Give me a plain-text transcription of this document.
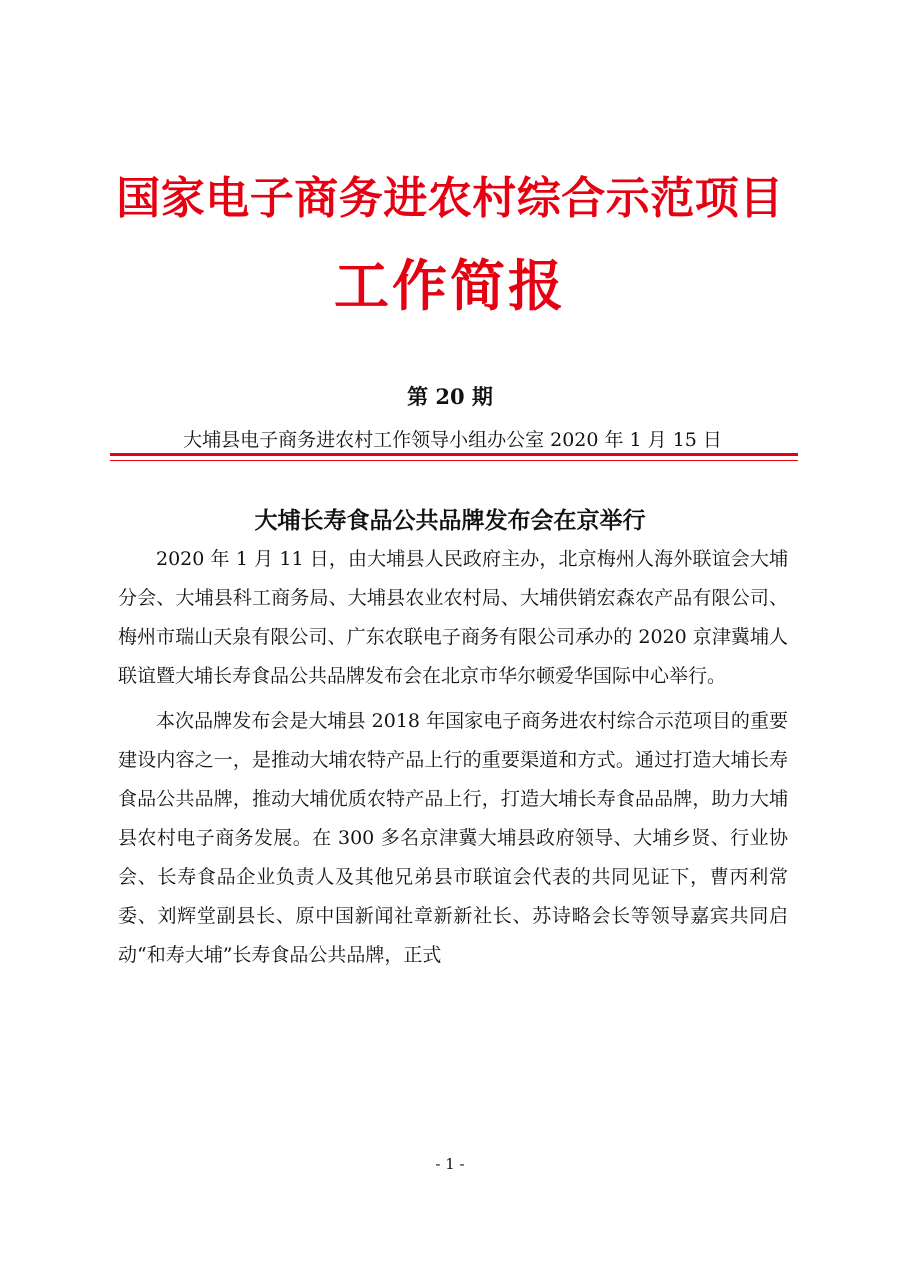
国家电子商务进农村综合示范项目
工作简报
第 20 期
大埔县电子商务进农村工作领导小组办公室 2020 年 1 月 15 日
大埔长寿食品公共品牌发布会在京举行

2020 年 1 月 11 日，由大埔县人民政府主办，北京梅州人海外联谊会大埔分会、大埔县科工商务局、大埔县农业农村局、大埔供销宏森农产品有限公司、梅州市瑞山天泉有限公司、广东农联电子商务有限公司承办的 2020 京津冀埔人联谊暨大埔长寿食品公共品牌发布会在北京市华尔顿爱华国际中心举行。

本次品牌发布会是大埔县 2018 年国家电子商务进农村综合示范项目的重要建设内容之一，是推动大埔农特产品上行的重要渠道和方式。通过打造大埔长寿食品公共品牌，推动大埔优质农特产品上行，打造大埔长寿食品品牌，助力大埔县农村电子商务发展。在 300 多名京津冀大埔县政府领导、大埔乡贤、行业协会、长寿食品企业负责人及其他兄弟县市联谊会代表的共同见证下，曹丙利常委、刘辉堂副县长、原中国新闻社章新新社长、苏诗略会长等领导嘉宾共同启动“和寿大埔”长寿食品公共品牌，正式

- 1 -
